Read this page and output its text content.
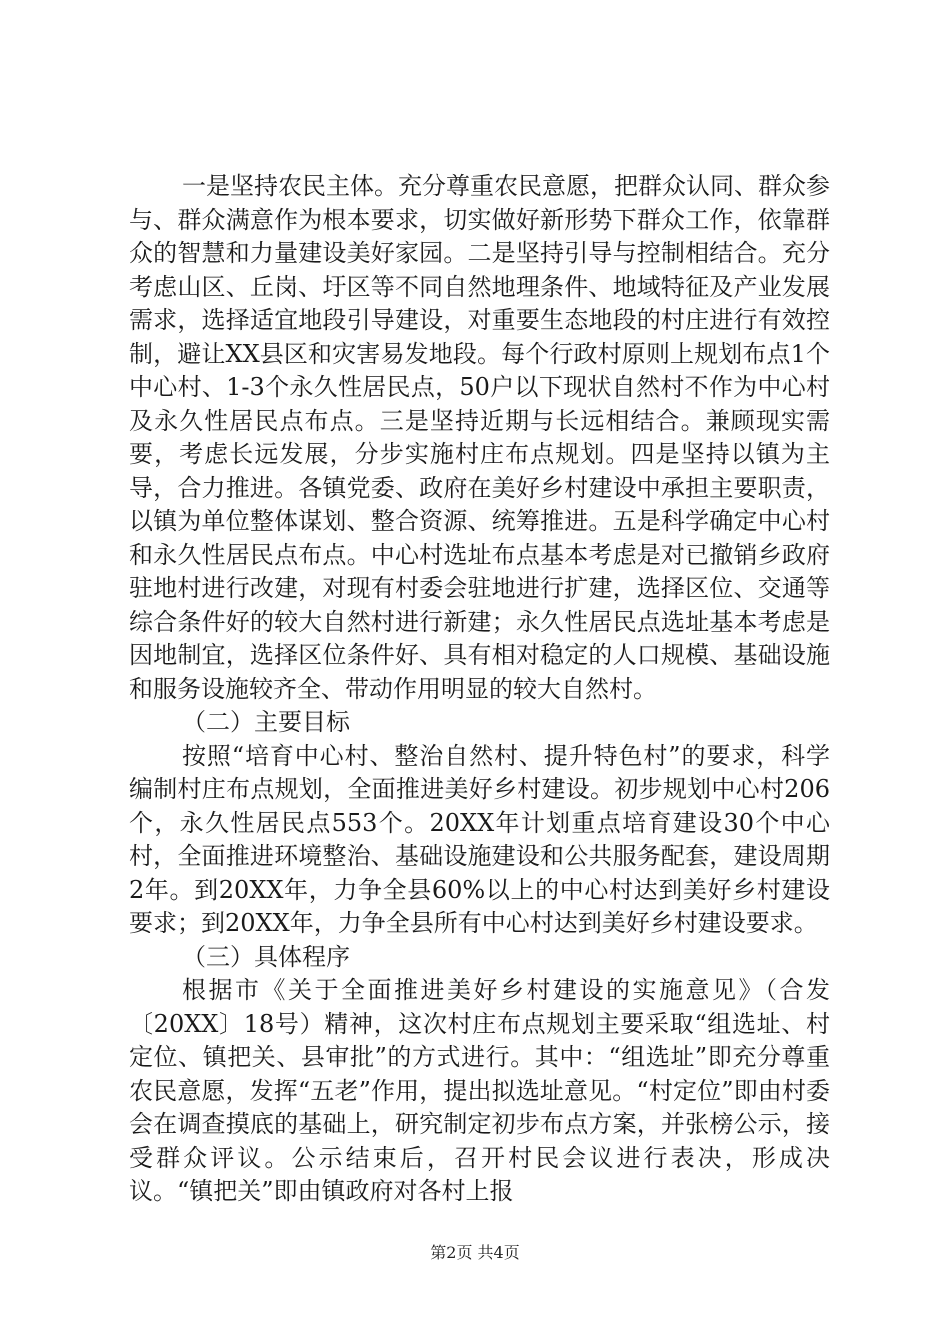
一是坚持农民主体。充分尊重农民意愿，把群众认同、群众参与、群众满意作为根本要求，切实做好新形势下群众工作，依靠群众的智慧和力量建设美好家园。二是坚持引导与控制相结合。充分考虑山区、丘岗、圩区等不同自然地理条件、地域特征及产业发展需求，选择适宜地段引导建设，对重要生态地段的村庄进行有效控制，避让XX县区和灾害易发地段。每个行政村原则上规划布点1个中心村、1-3个永久性居民点，50户以下现状自然村不作为中心村及永久性居民点布点。三是坚持近期与长远相结合。兼顾现实需要，考虑长远发展，分步实施村庄布点规划。四是坚持以镇为主导，合力推进。各镇党委、政府在美好乡村建设中承担主要职责，以镇为单位整体谋划、整合资源、统筹推进。五是科学确定中心村和永久性居民点布点。中心村选址布点基本考虑是对已撤销乡政府驻地村进行改建，对现有村委会驻地进行扩建，选择区位、交通等综合条件好的较大自然村进行新建；永久性居民点选址基本考虑是因地制宜，选择区位条件好、具有相对稳定的人口规模、基础设施和服务设施较齐全、带动作用明显的较大自然村。

（二）主要目标

按照“培育中心村、整治自然村、提升特色村”的要求，科学编制村庄布点规划，全面推进美好乡村建设。初步规划中心村206个，永久性居民点553个。20XX年计划重点培育建设30个中心村，全面推进环境整治、基础设施建设和公共服务配套，建设周期2年。到20XX年，力争全县60%以上的中心村达到美好乡村建设要求；到20XX年，力争全县所有中心村达到美好乡村建设要求。

（三）具体程序

根据市《关于全面推进美好乡村建设的实施意见》（合发〔20XX〕18号）精神，这次村庄布点规划主要采取“组选址、村定位、镇把关、县审批”的方式进行。其中：“组选址”即充分尊重农民意愿，发挥“五老”作用，提出拟选址意见。“村定位”即由村委会在调查摸底的基础上，研究制定初步布点方案，并张榜公示，接受群众评议。公示结束后，召开村民会议进行表决，形成决议。“镇把关”即由镇政府对各村上报

第2页 共4页
